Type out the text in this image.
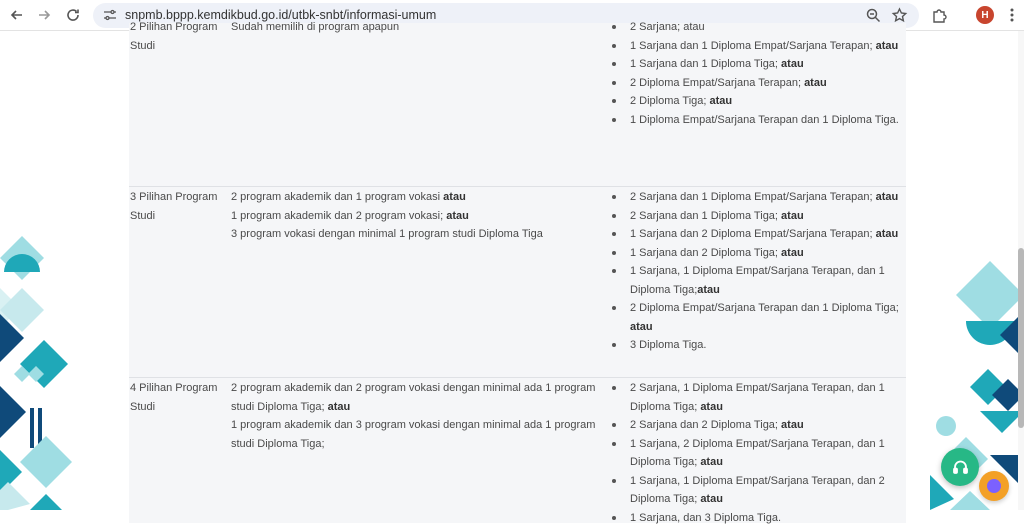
snpmb.bppp.kemdikbud.go.id/utbk-snbt/informasi-umum	H

2 Pilihan Program

Studi

Sudah memilih di program apapun	2 Sarjana; atau
1 Sarjana dan 1 Diploma Empat/Sarjana Terapan; atau
1 Sarjana dan 1 Diploma Tiga; atau
2 Diploma Empat/Sarjana Terapan; atau
2 Diploma Tiga; atau
1 Diploma Empat/Sarjana Terapan dan 1 Diploma Tiga.
3 Pilihan Program Studi

2 program akademik dan 1 program vokasi atau

1 program akademik dan 2 program vokasi; atau

3 program vokasi dengan minimal 1 program studi Diploma Tiga

2 Sarjana dan 1 Diploma Empat/Sarjana Terapan; atau
2 Sarjana dan 1 Diploma Tiga; atau
1 Sarjana dan 2 Diploma Empat/Sarjana Terapan; atau
1 Sarjana dan 2 Diploma Tiga; atau
1 Sarjana, 1 Diploma Empat/Sarjana Terapan, dan 1 Diploma Tiga;atau
2 Diploma Empat/Sarjana Terapan dan 1 Diploma Tiga; atau
3 Diploma Tiga.
4 Pilihan Program Studi

2 program akademik dan 2 program vokasi dengan minimal ada 1 program studi Diploma Tiga; atau

1 program akademik dan 3 program vokasi dengan minimal ada 1 program studi Diploma Tiga;

2 Sarjana, 1 Diploma Empat/Sarjana Terapan, dan 1 Diploma Tiga; atau
2 Sarjana dan 2 Diploma Tiga; atau
1 Sarjana, 2 Diploma Empat/Sarjana Terapan, dan 1 Diploma Tiga; atau
1 Sarjana, 1 Diploma Empat/Sarjana Terapan, dan 2 Diploma Tiga; atau
1 Sarjana, dan 3 Diploma Tiga.
